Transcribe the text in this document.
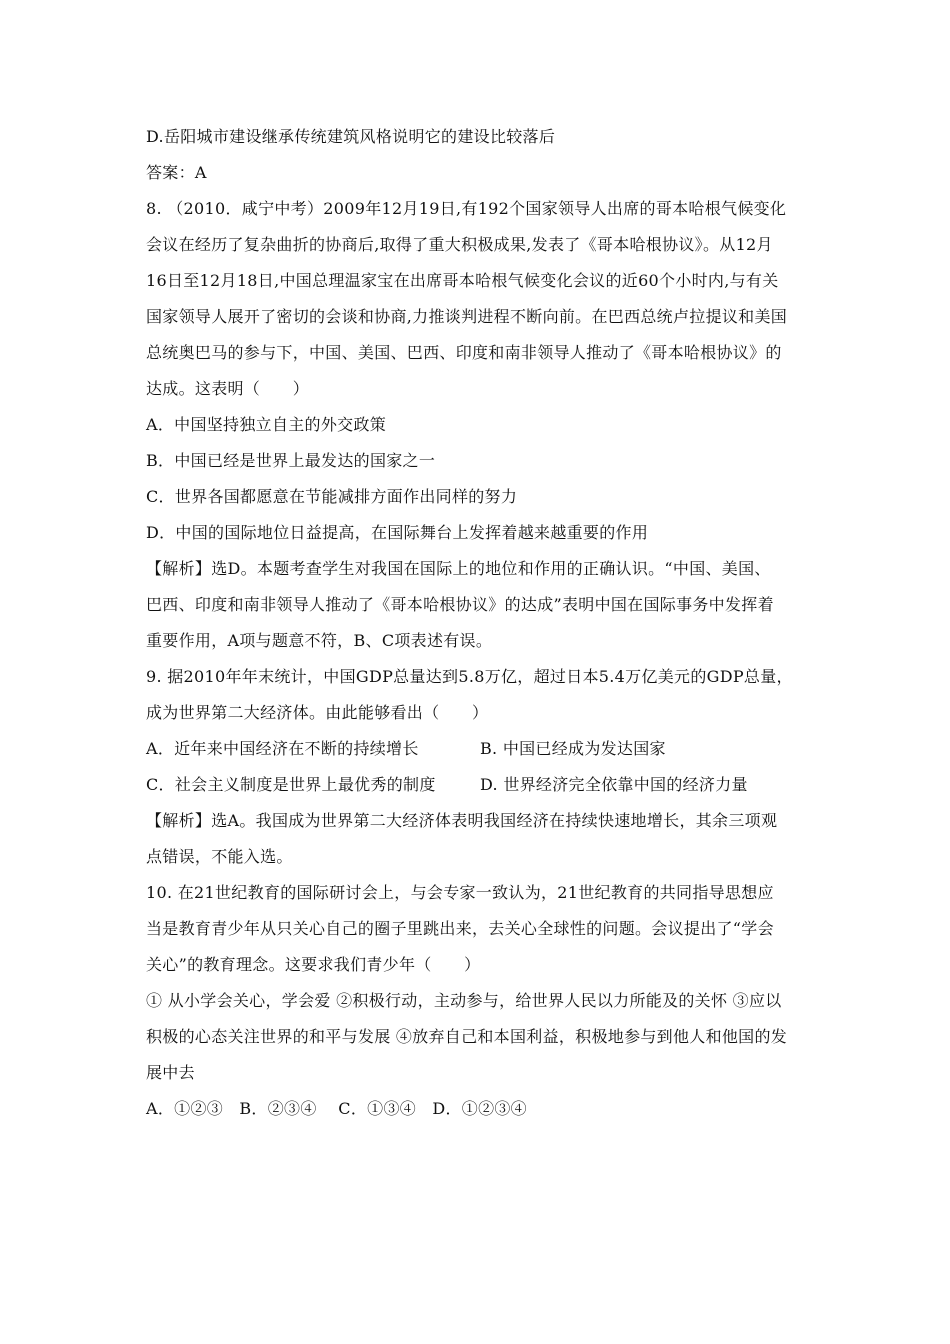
D.岳阳城市建设继承传统建筑风格说明它的建设比较落后
答案：A
8. （2010．咸宁中考）2009年12月19日,有192个国家领导人出席的哥本哈根气候变化
会议在经历了复杂曲折的协商后,取得了重大积极成果,发表了《哥本哈根协议》。从12月
16日至12月18日,中国总理温家宝在出席哥本哈根气候变化会议的近60个小时内,与有关
国家领导人展开了密切的会谈和协商,力推谈判进程不断向前。在巴西总统卢拉提议和美国
总统奥巴马的参与下，中国、美国、巴西、印度和南非领导人推动了《哥本哈根协议》的
达成。这表明（　　）
A．中国坚持独立自主的外交政策
B．中国已经是世界上最发达的国家之一
C．世界各国都愿意在节能减排方面作出同样的努力
D．中国的国际地位日益提高，在国际舞台上发挥着越来越重要的作用
【解析】选D。本题考查学生对我国在国际上的地位和作用的正确认识。“中国、美国、
巴西、印度和南非领导人推动了《哥本哈根协议》的达成”表明中国在国际事务中发挥着
重要作用，A项与题意不符，B、C项表述有误。
9. 据2010年年末统计，中国GDP总量达到5.8万亿，超过日本5.4万亿美元的GDP总量，
成为世界第二大经济体。由此能够看出（　　）
A．近年来中国经济在不断的持续增长	B. 中国已经成为发达国家
C．社会主义制度是世界上最优秀的制度	D. 世界经济完全依靠中国的经济力量
【解析】选A。我国成为世界第二大经济体表明我国经济在持续快速地增长，其余三项观
点错误，不能入选。
10. 在21世纪教育的国际研讨会上，与会专家一致认为，21世纪教育的共同指导思想应
当是教育青少年从只关心自己的圈子里跳出来，去关心全球性的问题。会议提出了“学会
关心”的教育理念。这要求我们青少年（　　）
① 从小学会关心，学会爱 ②积极行动，主动参与，给世界人民以力所能及的关怀 ③应以
积极的心态关注世界的和平与发展 ④放弃自己和本国利益，积极地参与到他人和他国的发
展中去
A．①②③　B．②③④　 C．①③④　D．①②③④
